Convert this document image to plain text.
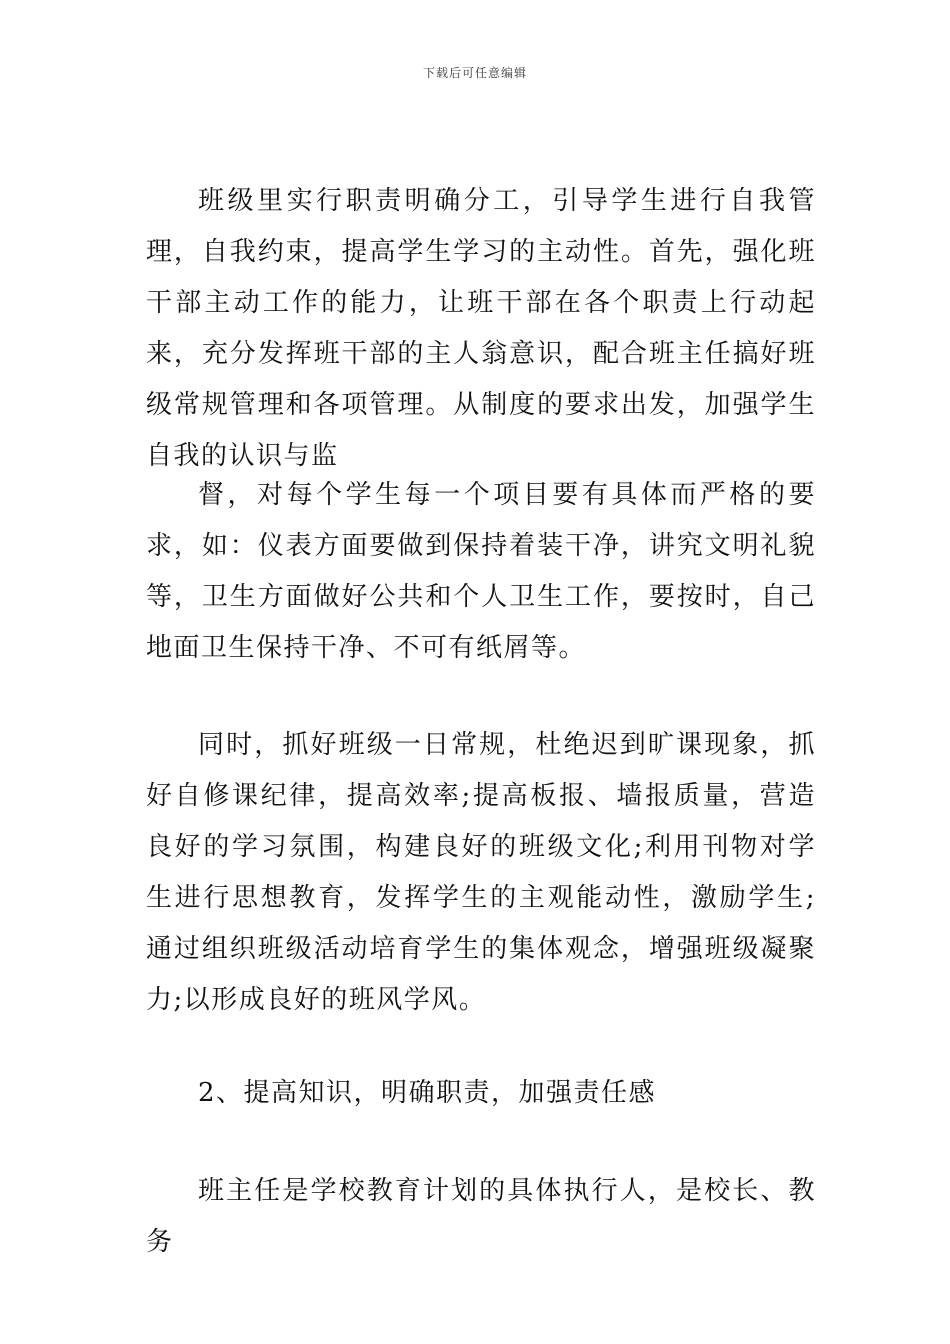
下载后可任意编辑

班级里实行职责明确分工，引导学生进行自我管理，自我约束，提高学生学习的主动性。首先，强化班干部主动工作的能力，让班干部在各个职责上行动起来，充分发挥班干部的主人翁意识，配合班主任搞好班级常规管理和各项管理。从制度的要求出发，加强学生自我的认识与监

督，对每个学生每一个项目要有具体而严格的要求，如：仪表方面要做到保持着装干净，讲究文明礼貌等，卫生方面做好公共和个人卫生工作，要按时，自己地面卫生保持干净、不可有纸屑等。

同时，抓好班级一日常规，杜绝迟到旷课现象，抓好自修课纪律，提高效率;提高板报、墙报质量，营造良好的学习氛围，构建良好的班级文化;利用刊物对学生进行思想教育，发挥学生的主观能动性，激励学生;通过组织班级活动培育学生的集体观念，增强班级凝聚力;以形成良好的班风学风。

2、提高知识，明确职责，加强责任感

班主任是学校教育计划的具体执行人，是校长、教务
